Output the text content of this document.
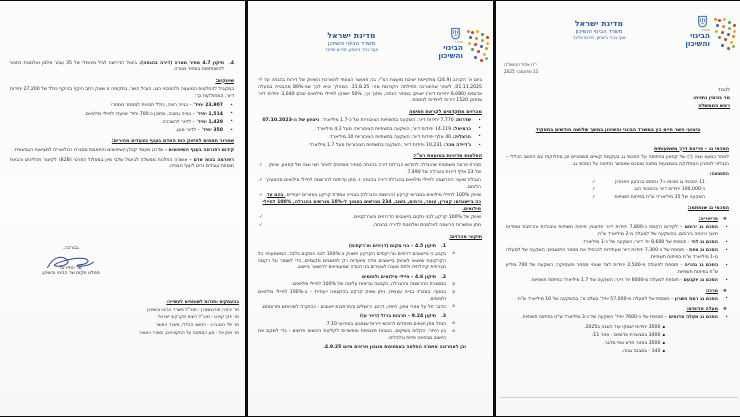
4.
תיקון 4.7 מחיר מטרה (דירה בהנחה): ביטול הדרישה לגיל מינימלי של 35 עבור אלמן ואלמנות כתנאי להשתתפות במחיר מטרה.
שיווקים:
במקביל להחלטות המועצה ולהסכמי הגג, הוביל השר, בתקופה זו שיווק רחב היקף בהיקף כולל של 27,200 יחידות דיור, המחולקות כך:
•
23,907 יחיד' – בנייה רוויה, כולל תכניות למסחר מסחרי.
•
1,514 יחיד' – בנייה נמוכה, מתוכן כ-700 יחיד' שיועדו לחיילי מילואים.
•
1,429 יחיד' – לדיור להשכרה.
•
350 יחיד' – לדיור מוגן.
שחרור חסמים לחיזוק כוח האדם בענף בצעדים מהירים:
קידום רפורמה בענף השיפוצים - שדרוג מעמד קבלן השיפוצים והתאמת מסגרת רגולטורית למציאות העכשווית.
רפורמה בכוח אדם - אושרה החלטת ממשלה לביטול שלבי מיון במסלול הפרטי (B2B) לקיצור תהליכים והבאת תוספת עובדים זרים לענף הבנייה.
בברכה,
שר התיירות
ממלא מקום שר הבינוי והשיכון
בהעתקים ותודות לשותפים לעשייה:
מר יהודה מורגנשטרן - מנכ"ל משרד הבינוי והשיכון
מר ינקי קוינט - מנכ"ל רשות מקרקעי ישראל
מר יולי רוטנברג - החשב הכללי, משרד האוצר
מר מתן יגל - סגן הממונה על התקציבים, משרד האוצר
מדינת ישראל
משרד הבינוי והשיכון
אגף בכיר ביטחון, חירום וסייבר
משרד
הבינוי
והשיכון
ביום א' הקרוב (24.9) מתקיימת ישיבת מועצת רמ"י, בה תאושר הצעתי להארכת השיווק של דירות בהנחה עד ל- 01.11.2025, לאחר שהוארכה תחילתה הקודמת מה- 31.8.25. המהלך יביא לכך שכ-80% מהבנייה במעלה אדומים (6,080 יחידות דיור) ישווקו במחיר הנחה, מתוך כך, 50% ישווקו לחיילי מילואים שהם 3,040 יחידות דיור ומתוכן 1520 דירות ליחידות לוחמות.
מכרזים מתקדמים לקראת חתימה
•
שדרות: 7,770 יחידות דיור, השקעה בתשתיות הציבוריות של כ-1.7 מיליארד. ניצחון של ה-07.10.2023
•
כרמיאל: 14,119 יחידות דיור; השקעה בתשתיות הציבוריות: מעל 4.2 מיליארד.
•
הרצליה: 40 אלף יחידות דיור; השקעה בתשתיות הציבוריות 10 מיליארד.
•
ג'דיידה מכר: 10,231 יחידות דיור, השקעה בתשתיות הציבוריות מעל 1.7 מיליארד.
החלטות מדיניות במועצת רמ"י:
✓ סגירת פרצה משפטית שהובילה לחידוש הגרלות דירה בהנחה (מחיר מופחת) לאחר חצי שנה של קפאון. שיווק של 23 אלף דירות והגרלה של 7,490.
✓ הגבלת שיעור ההרשמה לחיילי מילואים בהגרלת דירה בהנחה + מתן עדיפות להרשמה לחיילי מילואים מהמערך הלוחם.
✓	שיווק 100% לחיילי מילואים במגרשי קרקע (הרשמה והגרלה) בבנייה צמודת קרקע באזורים ייעודיים, בהם עד כה ביישובים: קצרין, עופר, כרמים, בשוב, 234 מגרשים בסמוך ל-10% מגרשים בהגרלה, 100% לחיילי מילואים.
✓	שיווק של 100% קרקע לבני מקום ביישובים הדרוזיים והצ'רקסיים.
✓	מתן אפשרות הרשמה לאלמנים ואלמנות לדירה בהנחה.
תיקוני מכרזים:
1.
תיקון 4.5 – בני מקום (דרוזים וצ'רקסים)
o
נקבע כי ביישובים דרוזיים וצ'רקסיים הקרקע תשווק ב-100% לבני המקום בלבד. המשמעות: כל הקרקעות שיוצאו לשיווק ביישובים אלה מיועדות רק לתושבים מקומיים, כדי לשמור על רקמה חברתית קהילתית ולתת מענה לצעירים בני העדה שמעוניינים להישאר ביישוב.
2.
תיקון 4.6 – חיילי מילואים ולוחמים
o
במסגרת ההרשמה וההגרלה, נקבעה עדיפות עליונה של 100% לחיילי מילואים.
o
בנוסף, במכרזי בנייה עצמית, ניתן שיווק קרקע בהקצאה ייעודית – ב-100% לחיילי מילואים ולוחמים.
o
הדבר חל על אזורי צפון, חיפה, דרום, ירושלים והתרחבות יישובים - כהוקרה לשירותם ותרומתם.
3.
תיקון 9.24 – חרבות ברזל (דיור עז)
o
הוחל מתן תנאים מיוחדים לרוכשי דירות שנפגעו באירועי 7.10.
o
בין היתר: הקלות בשיקום, הטבות פיננסיות ואפשרות לקליטת רוכשים חדשים - כדי לשקם את היישוב מבחינה פיזית וכלכלית.
וכן לאחרונה אושרה החלטה באמצעות מנגנון חריגים מיום 4.9.25.
מדינת ישראל
משרד הבינוי והשיכון
אגף בכיר ביטחון, חירום וסייבר
משרד
הבינוי
והשיכון
י"ח אלול התשפ"ה
11 ספטמבר 2025
לכבוד
מר בנימין נתניהו
ראש הממשלה
ביצועי השר חיים כץ במשרד הבינוי והשיכון במשך שלושה חודשים בתפקיד
הסכמי גג – פריצת דרך משמעותית
לאחר כמעט שנה (!) של קפאון בחתימה על הסכמי גג בעקבות קשיים משפטיים וכן מחלוקות עם החשב הכללי – הובלתי לפתרון המחלוקת באמצעות מתווה מוסכם שאפשר חתימה על הסכמי גג.
התוצאה:
✓	11 הסכמי גג סוכמו ו-7 נחתמו ברבעון האחרון
✓	כ-100,000 יחידות דיור בהסכמי הגג
✓	השקעה של 35 מיליארדי ש"ח בפיתוח תשתיות
הסכמי גג שנחתמו:
❖
פריפריה:
•
הסכם גג ירוחם – לקידום הקמת כ-7,800 יחידות דיור חדשות, פיתוח תשתיות ציבוריות והרחבת מוסדות חינוך ורווחה בירוחם, בהשקעה של למעלה מ-2 מיליארד ש"ח.
•
הסכם גג לוד - תוספת של 8,600 יח' דיור; השקעה של כ-1 מיליארד.
•
הסכם גג צפת - תוספת של כ-7,300 יחידות דיור שעתידות להכפיל את מספר התושבים; השקעה של למעלה מ-1 מיליארד ש"ח בפיתוח תשתיות.
•
הסכם גג נהריה - תוספת לפעולה מ-2,500 יחידות לצד שטחי מסחר ותעסוקה; השקעה של 700 מיליון ש"ח בפיתוח תשתיות.
•
הסכם גג יוקנעם - תוספת למעלה מ-6000 יח' דיור; השקעה של 1.7 מיליארד בפיתוח תשתיות.
❖
מרכז:
•
הסכם גג רמת השרון – תוספת של למעלה מ-57,000 יחיד' בשלב א'; בהשקעה של 10 מיליארד ש"ח.
❖
מעלה אדומים:
•
הסכם גג מעלה אדומים – תוספת של כ-7600 יחיד' השקעה של כ-3 מיליארד ש"ח בפיתוח תשתיות.
▪3500 יחידות ישווקו עוד השנה ב2025.
▪3400 במבשרת אדומים - אזור E1.
▪3500 באזור חדש נופי מדבר.
▪340 - במבנה גבוה.
